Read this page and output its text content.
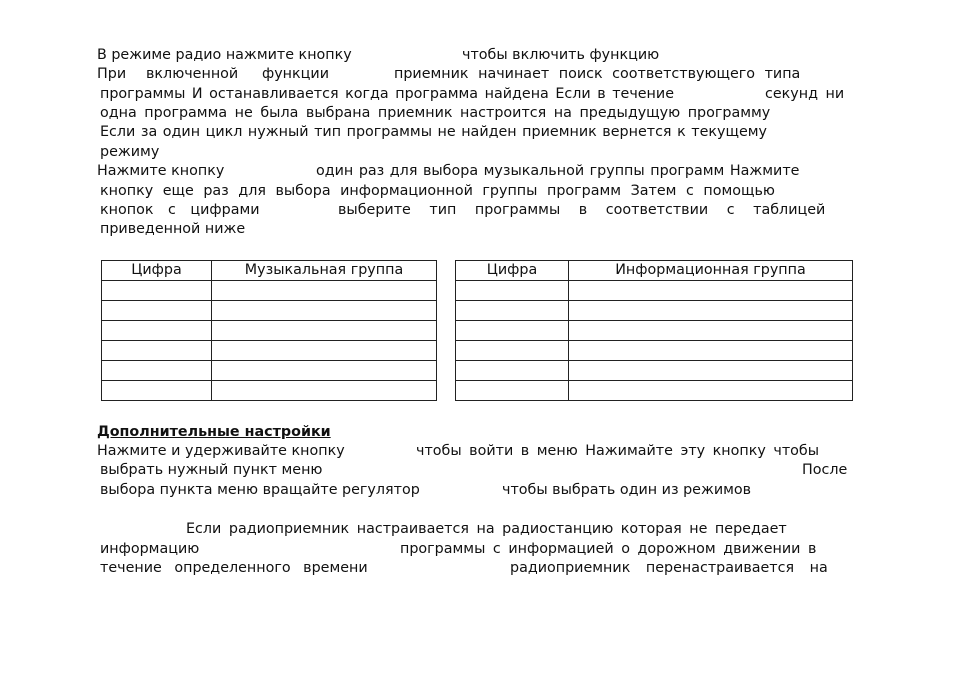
В режиме радио нажмите кнопку	чтобы включить функцию
При включенной функции	приемник начинает поиск соответствующего типа
программы И останавливается когда программа найдена Если в течение	секунд ни
одна программа не была выбрана приемник настроится на предыдущую программу
Если за один цикл нужный тип программы не найден приемник вернется к текущему
режиму
Нажмите кнопку	один раз для выбора музыкальной группы программ Нажмите
кнопку еще раз для выбора информационной группы программ Затем с помощью
кнопок с цифрами	выберите тип программы в соответствии с таблицей
приведенной ниже
Цифра	Музыкальная группа

		Цифра	Информационная группа

Дополнительные настройки
Нажмите и удерживайте кнопку	чтобы войти в меню Нажимайте эту кнопку чтобы
выбрать нужный пункт меню	После
выбора пункта меню вращайте регулятор	чтобы выбрать один из режимов
Если радиоприемник настраивается на радиостанцию которая не передает
информацию	программы с информацией о дорожном движении в
течение определенного времени	радиоприемник перенастраивается на
